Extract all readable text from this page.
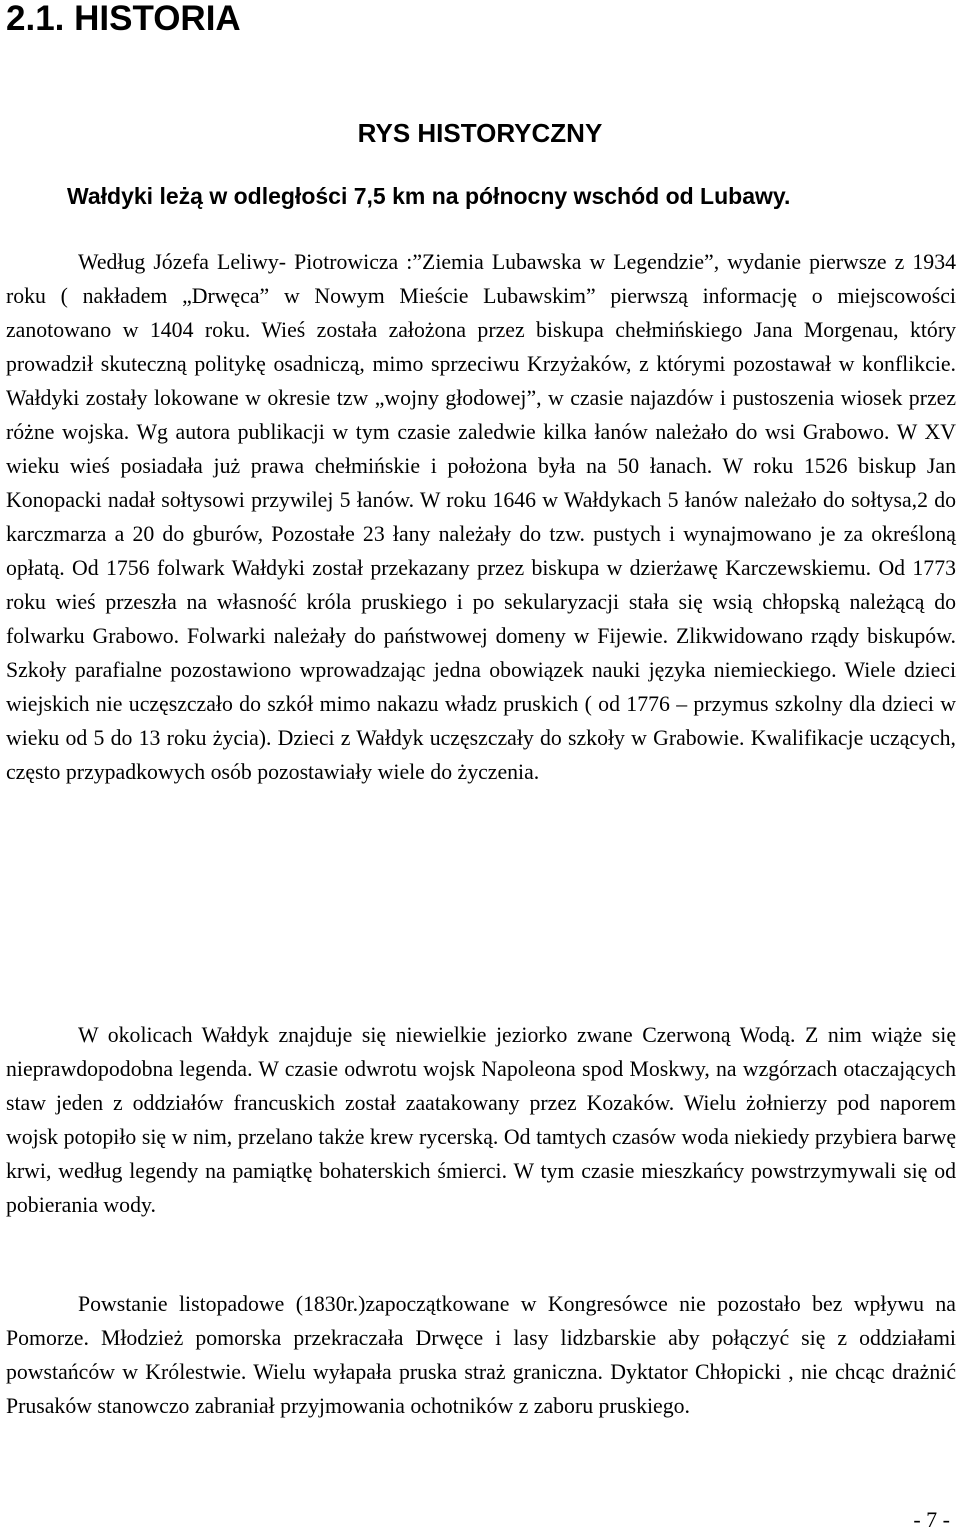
2.1. HISTORIA
RYS HISTORYCZNY

Wałdyki leżą w odległości 7,5 km na północny wschód od Lubawy.

Według Józefa Leliwy- Piotrowicza :”Ziemia Lubawska w Legendzie”, wydanie pierwsze z 1934 roku ( nakładem „Drwęca” w Nowym Mieście Lubawskim” pierwszą informację o miejscowości zanotowano w 1404 roku. Wieś została założona przez biskupa chełmińskiego Jana Morgenau, który prowadził skuteczną politykę osadniczą, mimo sprzeciwu Krzyżaków, z którymi pozostawał w konflikcie. Wałdyki zostały lokowane w okresie tzw „wojny głodowej”, w czasie najazdów i pustoszenia wiosek przez różne wojska. Wg autora publikacji w tym czasie zaledwie kilka łanów należało do wsi Grabowo. W XV wieku wieś posiadała już prawa chełmińskie i położona była na 50 łanach. W roku 1526 biskup Jan Konopacki nadał sołtysowi przywilej 5 łanów. W roku 1646 w Wałdykach 5 łanów należało do sołtysa,2 do karczmarza a 20 do gburów, Pozostałe 23 łany należały do tzw. pustych i wynajmowano je za określoną opłatą. Od 1756 folwark Wałdyki został przekazany przez biskupa w dzierżawę Karczewskiemu. Od 1773 roku wieś przeszła na własność króla pruskiego i po sekularyzacji stała się wsią chłopską należącą do folwarku Grabowo. Folwarki należały do państwowej domeny w Fijewie. Zlikwidowano rządy biskupów. Szkoły parafialne pozostawiono wprowadzając jedna obowiązek nauki języka niemieckiego. Wiele dzieci wiejskich nie uczęszczało do szkół mimo nakazu władz pruskich ( od 1776 – przymus szkolny dla dzieci w wieku od 5 do 13 roku życia). Dzieci z Wałdyk uczęszczały do szkoły w Grabowie. Kwalifikacje uczących, często przypadkowych osób pozostawiały wiele do życzenia.

W okolicach Wałdyk znajduje się niewielkie jeziorko zwane Czerwoną Wodą. Z nim wiąże się nieprawdopodobna legenda. W czasie odwrotu wojsk Napoleona spod Moskwy, na wzgórzach otaczających staw jeden z oddziałów francuskich został zaatakowany przez Kozaków. Wielu żołnierzy pod naporem wojsk potopiło się w nim, przelano także krew rycerską. Od tamtych czasów woda niekiedy przybiera barwę krwi, według legendy na pamiątkę bohaterskich śmierci. W tym czasie mieszkańcy powstrzymywali się od pobierania wody.

Powstanie listopadowe (1830r.)zapoczątkowane w Kongresówce nie pozostało bez wpływu na Pomorze. Młodzież pomorska przekraczała Drwęce i lasy lidzbarskie aby połączyć się z oddziałami powstańców w Królestwie. Wielu wyłapała pruska straż graniczna. Dyktator Chłopicki , nie chcąc drażnić Prusaków stanowczo zabraniał przyjmowania ochotników z zaboru pruskiego.

- 7 -
